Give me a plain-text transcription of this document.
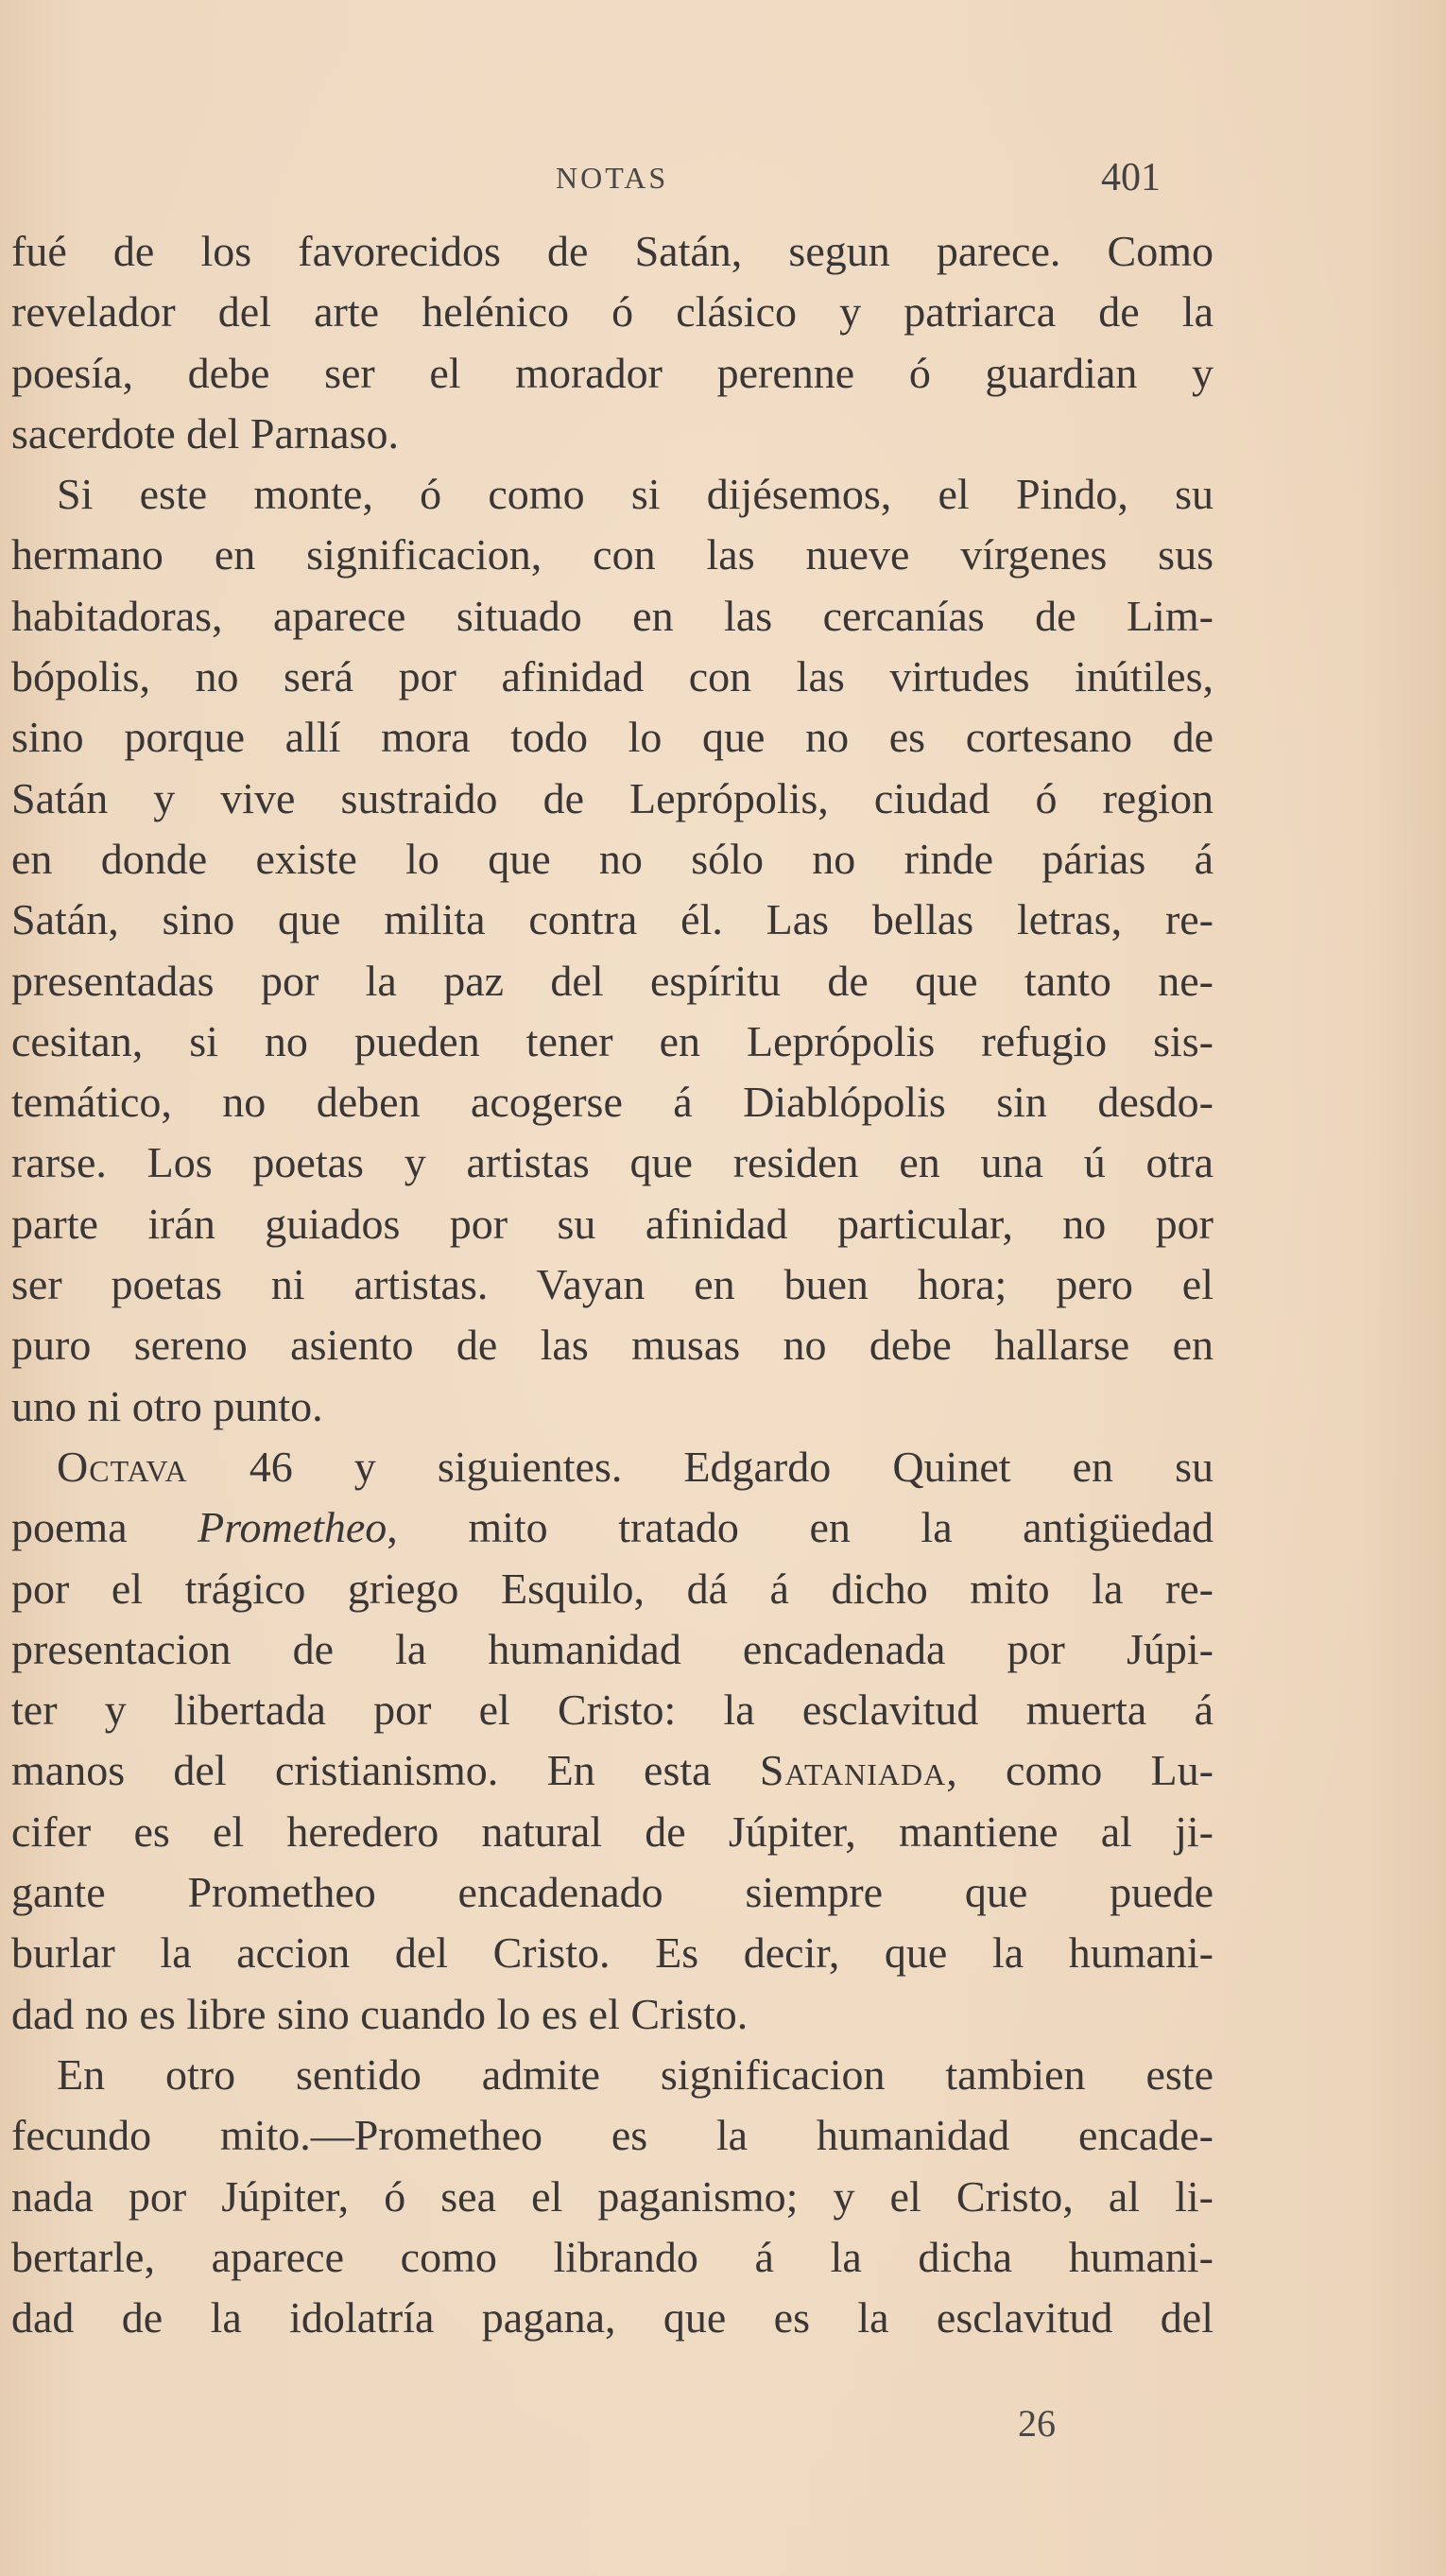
NOTAS	401
fué de los favorecidos de Satán, segun parece. Como
revelador del arte helénico ó clásico y patriarca de la
poesía, debe ser el morador perenne ó guardian y
sacerdote del Parnaso.
Si este monte, ó como si dijésemos, el Pindo, su
hermano en significacion, con las nueve vírgenes sus
habitadoras, aparece situado en las cercanías de Lim-
bópolis, no será por afinidad con las virtudes inútiles,
sino porque allí mora todo lo que no es cortesano de
Satán y vive sustraido de Leprópolis, ciudad ó region
en donde existe lo que no sólo no rinde párias á
Satán, sino que milita contra él. Las bellas letras, re-
presentadas por la paz del espíritu de que tanto ne-
cesitan, si no pueden tener en Leprópolis refugio sis-
temático, no deben acogerse á Diablópolis sin desdo-
rarse. Los poetas y artistas que residen en una ú otra
parte irán guiados por su afinidad particular, no por
ser poetas ni artistas. Vayan en buen hora; pero el
puro sereno asiento de las musas no debe hallarse en
uno ni otro punto.
Octava 46 y siguientes. Edgardo Quinet en su
poema Prometheo, mito tratado en la antigüedad
por el trágico griego Esquilo, dá á dicho mito la re-
presentacion de la humanidad encadenada por Júpi-
ter y libertada por el Cristo: la esclavitud muerta á
manos del cristianismo. En esta Sataniada, como Lu-
cifer es el heredero natural de Júpiter, mantiene al ji-
gante Prometheo encadenado siempre que puede
burlar la accion del Cristo. Es decir, que la humani-
dad no es libre sino cuando lo es el Cristo.
En otro sentido admite significacion tambien este
fecundo mito.—Prometheo es la humanidad encade-
nada por Júpiter, ó sea el paganismo; y el Cristo, al li-
bertarle, aparece como librando á la dicha humani-
dad de la idolatría pagana, que es la esclavitud del
26
